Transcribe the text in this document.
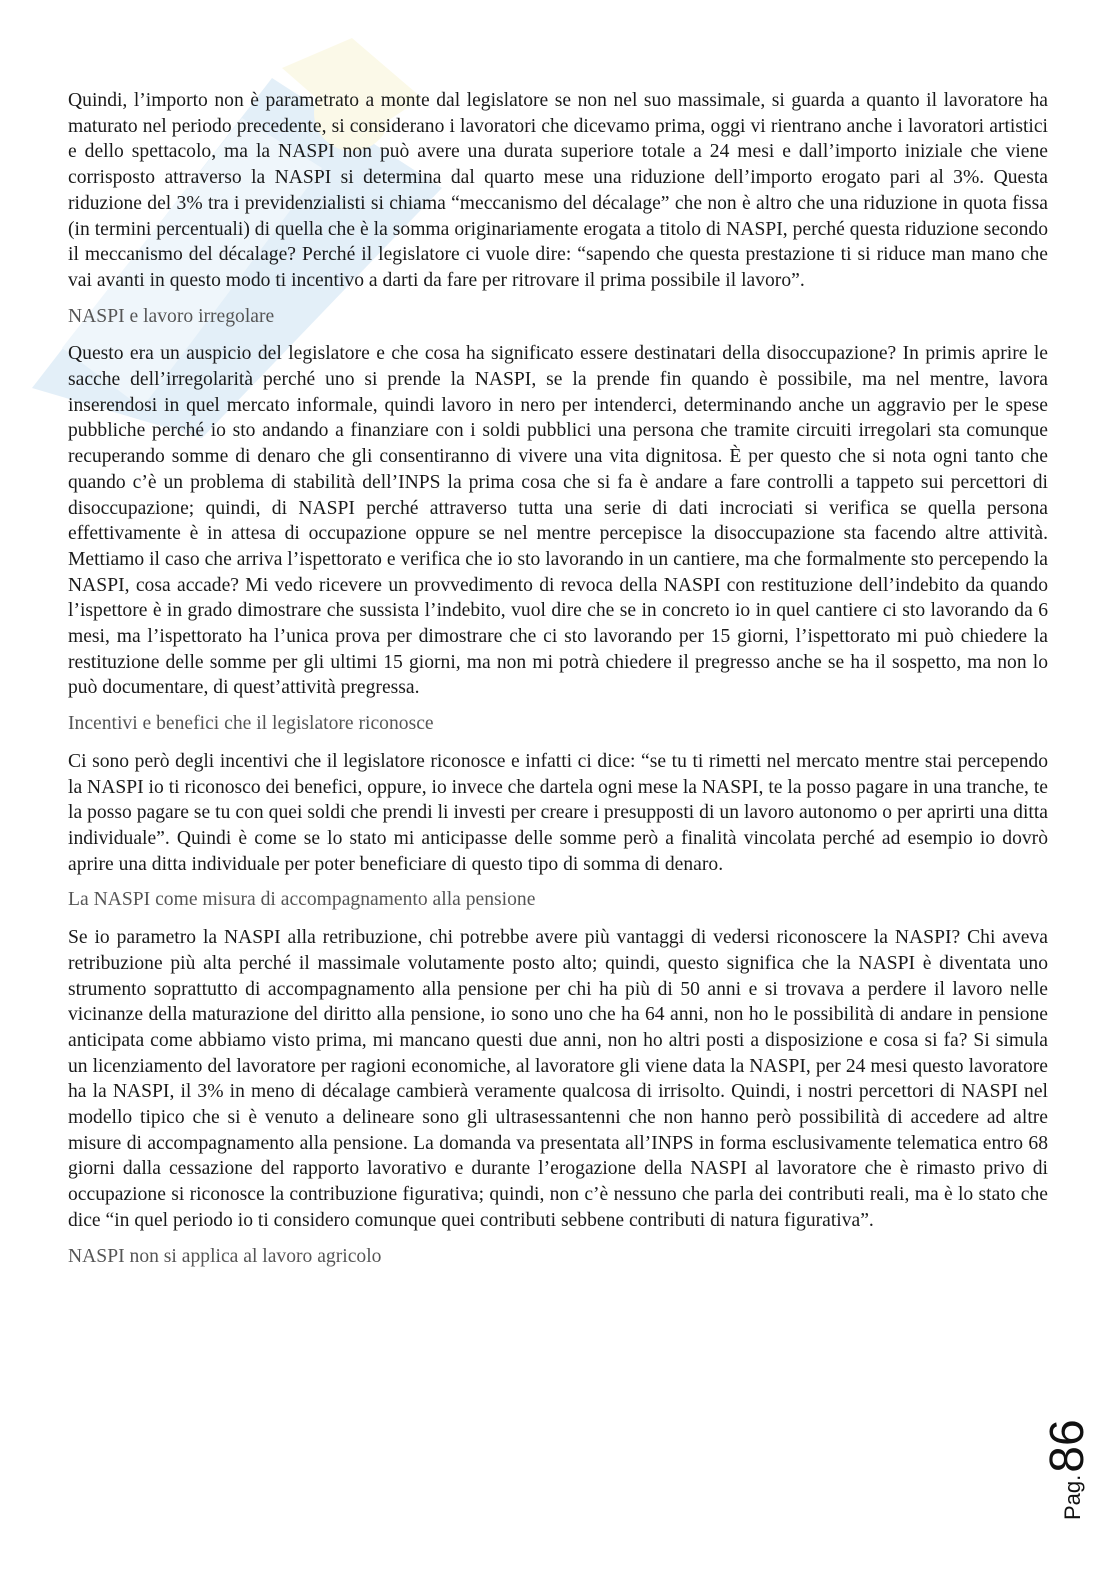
Quindi, l’importo non è parametrato a monte dal legislatore se non nel suo massimale, si guarda a quanto il lavoratore ha maturato nel periodo precedente, si considerano i lavoratori che dicevamo prima, oggi vi rientrano anche i lavoratori artistici e dello spettacolo, ma la NASPI non può avere una durata superiore totale a 24 mesi e dall’importo iniziale che viene corrisposto attraverso la NASPI si determina dal quarto mese una riduzione dell’importo erogato pari al 3%. Questa riduzione del 3% tra i previdenzialisti si chiama “meccanismo del décalage” che non è altro che una riduzione in quota fissa (in termini percentuali) di quella che è la somma originariamente erogata a titolo di NASPI, perché questa riduzione secondo il meccanismo del décalage? Perché il legislatore ci vuole dire: “sapendo che questa prestazione ti si riduce man mano che vai avanti in questo modo ti incentivo a darti da fare per ritrovare il prima possibile il lavoro”.

NASPI e lavoro irregolare

Questo era un auspicio del legislatore e che cosa ha significato essere destinatari della disoccupazione? In primis aprire le sacche dell’irregolarità perché uno si prende la NASPI, se la prende fin quando è possibile, ma nel mentre, lavora inserendosi in quel mercato informale, quindi lavoro in nero per intenderci, determinando anche un aggravio per le spese pubbliche perché io sto andando a finanziare con i soldi pubblici una persona che tramite circuiti irregolari sta comunque recuperando somme di denaro che gli consentiranno di vivere una vita dignitosa. È per questo che si nota ogni tanto che quando c’è un problema di stabilità dell’INPS la prima cosa che si fa è andare a fare controlli a tappeto sui percettori di disoccupazione; quindi, di NASPI perché attraverso tutta una serie di dati incrociati si verifica se quella persona effettivamente è in attesa di occupazione oppure se nel mentre percepisce la disoccupazione sta facendo altre attività. Mettiamo il caso che arriva l’ispettorato e verifica che io sto lavorando in un cantiere, ma che formalmente sto percependo la NASPI, cosa accade? Mi vedo ricevere un provvedimento di revoca della NASPI con restituzione dell’indebito da quando l’ispettore è in grado dimostrare che sussista l’indebito, vuol dire che se in concreto io in quel cantiere ci sto lavorando da 6 mesi, ma l’ispettorato ha l’unica prova per dimostrare che ci sto lavorando per 15 giorni, l’ispettorato mi può chiedere la restituzione delle somme per gli ultimi 15 giorni, ma non mi potrà chiedere il pregresso anche se ha il sospetto, ma non lo può documentare, di quest’attività pregressa.

Incentivi e benefici che il legislatore riconosce

Ci sono però degli incentivi che il legislatore riconosce e infatti ci dice: “se tu ti rimetti nel mercato mentre stai percependo la NASPI io ti riconosco dei benefici, oppure, io invece che dartela ogni mese la NASPI, te la posso pagare in una tranche, te la posso pagare se tu con quei soldi che prendi li investi per creare i presupposti di un lavoro autonomo o per aprirti una ditta individuale”. Quindi è come se lo stato mi anticipasse delle somme però a finalità vincolata perché ad esempio io dovrò aprire una ditta individuale per poter beneficiare di questo tipo di somma di denaro.

La NASPI come misura di accompagnamento alla pensione

Se io parametro la NASPI alla retribuzione, chi potrebbe avere più vantaggi di vedersi riconoscere la NASPI? Chi aveva retribuzione più alta perché il massimale volutamente posto alto; quindi, questo significa che la NASPI è diventata uno strumento soprattutto di accompagnamento alla pensione per chi ha più di 50 anni e si trovava a perdere il lavoro nelle vicinanze della maturazione del diritto alla pensione, io sono uno che ha 64 anni, non ho le possibilità di andare in pensione anticipata come abbiamo visto prima, mi mancano questi due anni, non ho altri posti a disposizione e cosa si fa? Si simula un licenziamento del lavoratore per ragioni economiche, al lavoratore gli viene data la NASPI, per 24 mesi questo lavoratore ha la NASPI, il 3% in meno di décalage cambierà veramente qualcosa di irrisolto. Quindi, i nostri percettori di NASPI nel modello tipico che si è venuto a delineare sono gli ultrasessantenni che non hanno però possibilità di accedere ad altre misure di accompagnamento alla pensione. La domanda va presentata all’INPS in forma esclusivamente telematica entro 68 giorni dalla cessazione del rapporto lavorativo e durante l’erogazione della NASPI al lavoratore che è rimasto privo di occupazione si riconosce la contribuzione figurativa; quindi, non c’è nessuno che parla dei contributi reali, ma è lo stato che dice “in quel periodo io ti considero comunque quei contributi sebbene contributi di natura figurativa”.

NASPI non si applica al lavoro agricolo
Pag.
86
